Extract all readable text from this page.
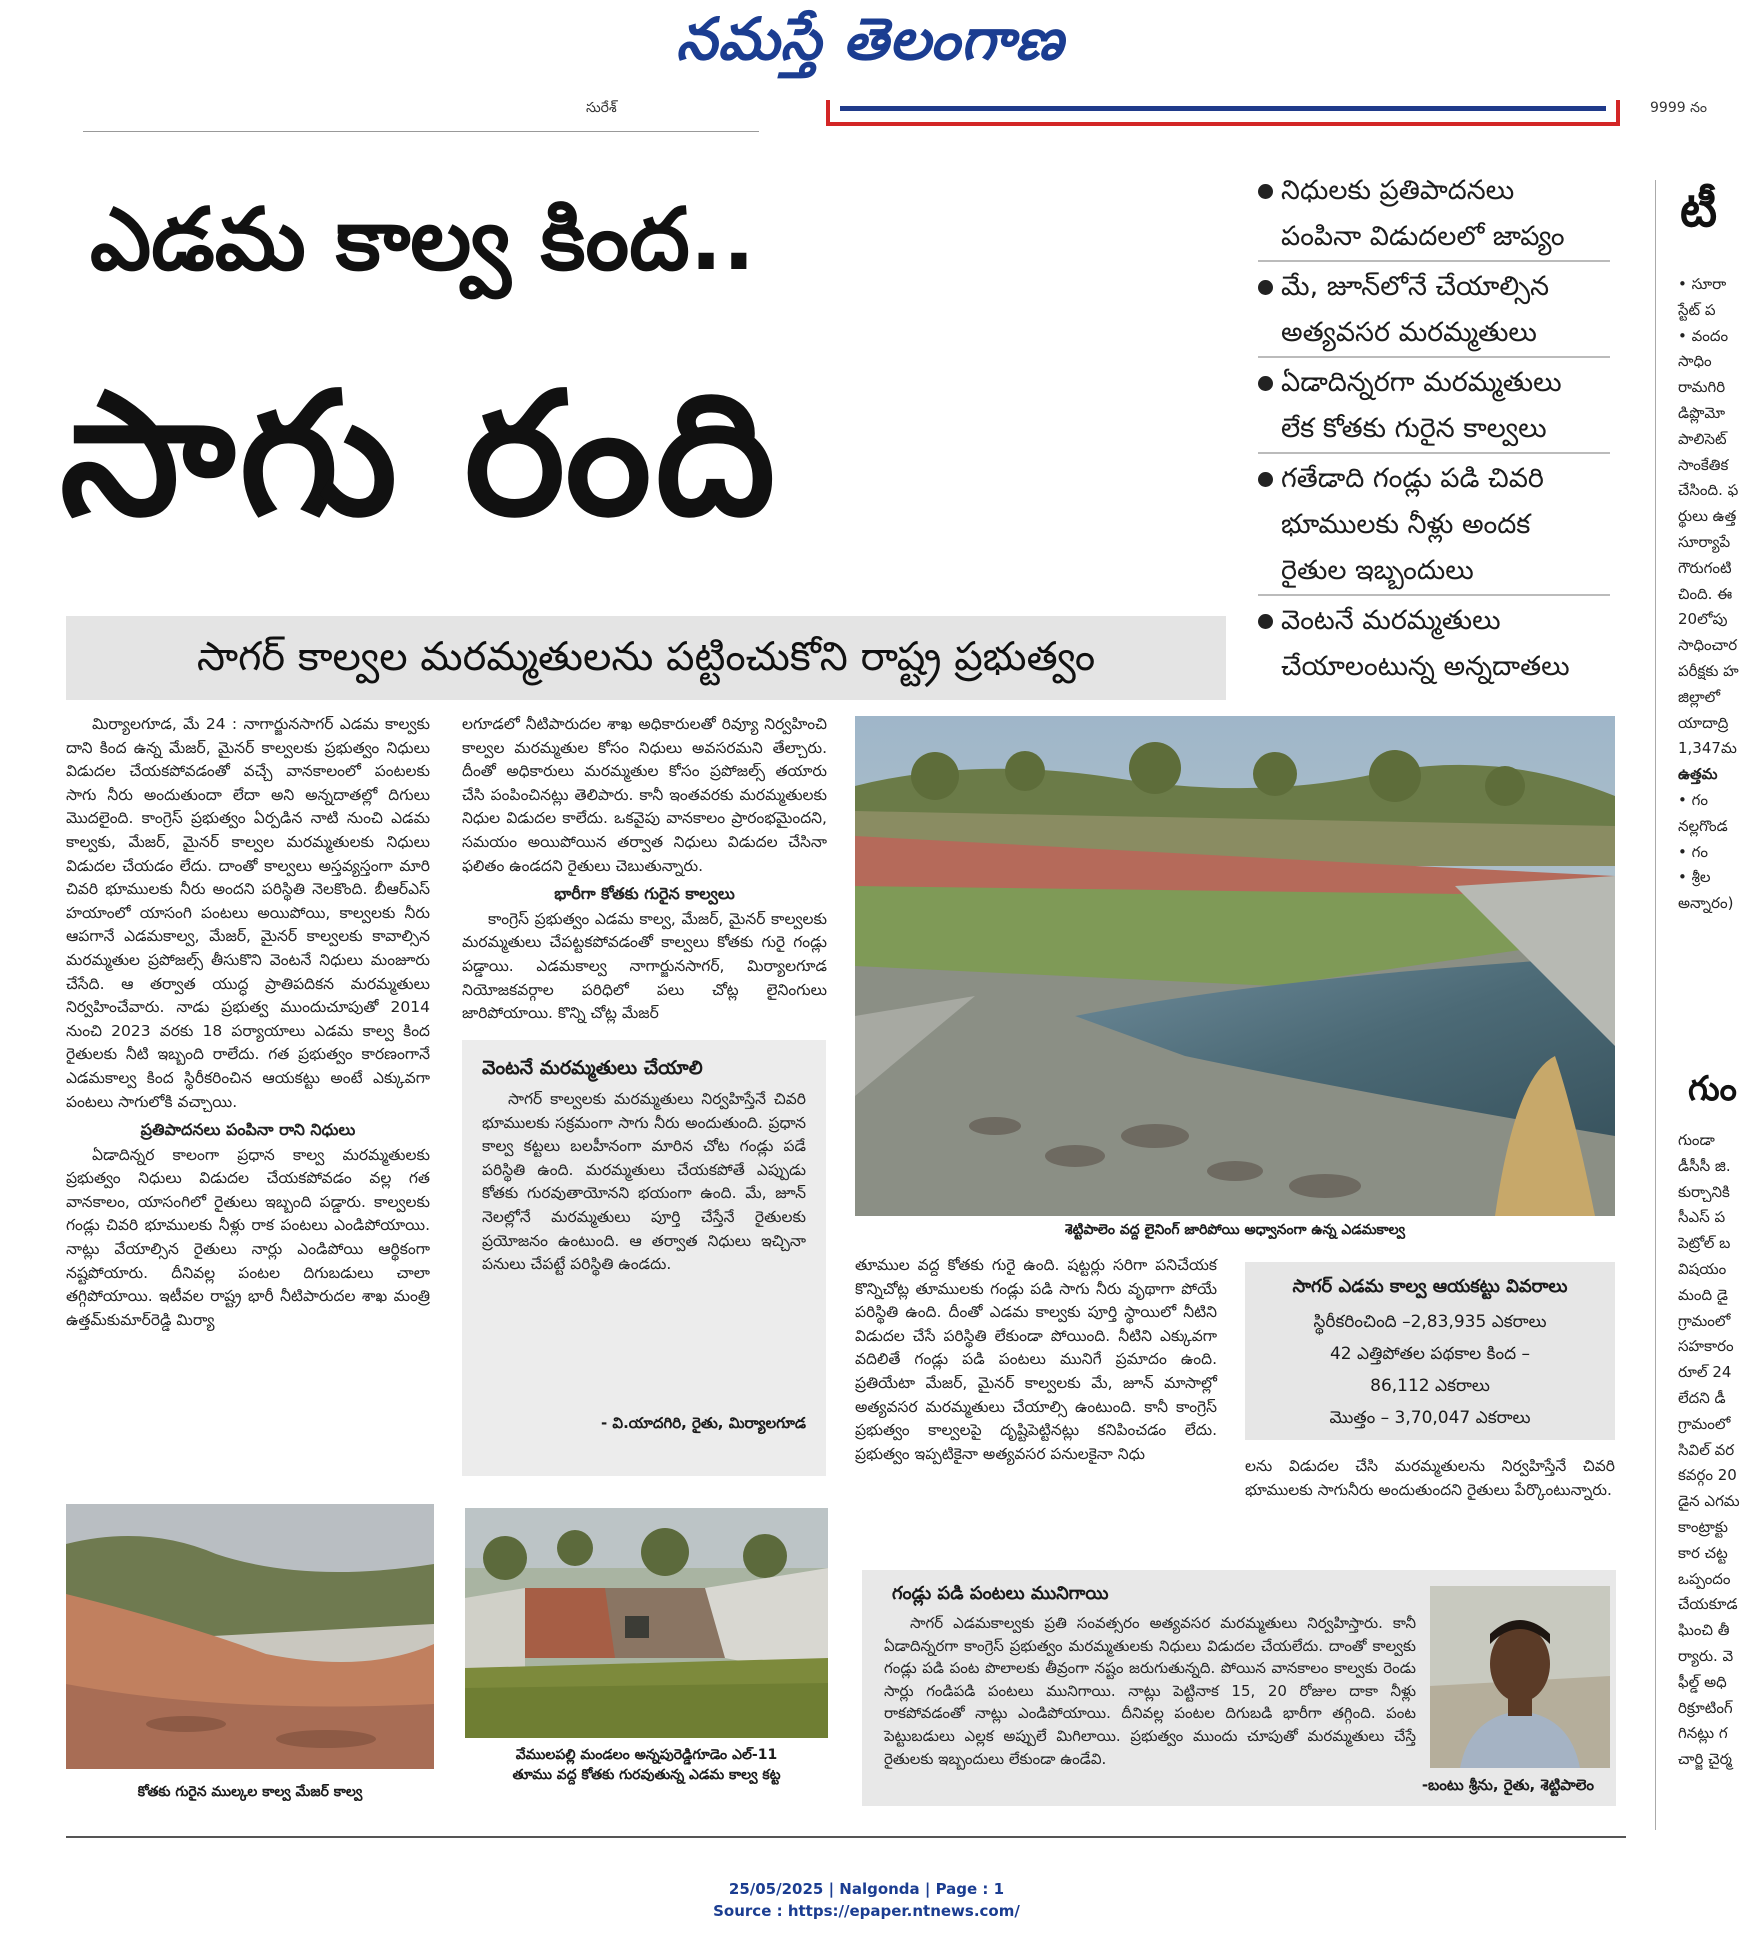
నమస్తే తెలంగాణ
సురేశ్	9999 నం
ఎడమ కాల్వ కింద..
సాగు రంది
సాగర్ కాల్వల మరమ్మతులను పట్టించుకోని రాష్ట్ర ప్రభుత్వం
నిధులకు ప్రతిపాదనలు
పంపినా విడుదలలో జాప్యం
మే, జూన్‌లోనే చేయాల్సిన
అత్యవసర మరమ్మతులు
ఏడాదిన్నరగా మరమ్మతులు
లేక కోతకు గురైన కాల్వలు
గతేడాది గండ్లు పడి చివరి
భూములకు నీళ్లు అందక
రైతుల ఇబ్బందులు
వెంటనే మరమ్మతులు
చేయాలంటున్న అన్నదాతలు

మిర్యాలగూడ, మే 24 : నాగార్జునసాగర్ ఎడమ కాల్వకు దాని కింద ఉన్న మేజర్, మైనర్ కాల్వలకు ప్రభుత్వం నిధులు విడుదల చేయకపోవడంతో వచ్చే వానకాలంలో పంటలకు సాగు నీరు అందుతుందా లేదా అని అన్నదాతల్లో దిగులు మొదలైంది. కాంగ్రెస్ ప్రభుత్వం ఏర్పడిన నాటి నుంచి ఎడమ కాల్వకు, మేజర్, మైనర్ కాల్వల మరమ్మతులకు నిధులు విడుదల చేయడం లేదు. దాంతో కాల్వలు అస్తవ్యస్తంగా మారి చివరి భూములకు నీరు అందని పరిస్థితి నెలకొంది. బీఆర్‌ఎస్ హయాంలో యాసంగి పంటలు అయిపోయి, కాల్వలకు నీరు ఆపగానే ఎడమకాల్వ, మేజర్, మైనర్ కాల్వలకు కావాల్సిన మరమ్మతుల ప్రపోజల్స్ తీసుకొని వెంటనే నిధులు మంజూరు చేసేది. ఆ తర్వాత యుద్ధ ప్రాతిపదికన మరమ్మతులు నిర్వహించేవారు. నాడు ప్రభుత్వ ముందుచూపుతో 2014 నుంచి 2023 వరకు 18 పర్యాయాలు ఎడమ కాల్వ కింద రైతులకు నీటి ఇబ్బంది రాలేదు. గత ప్రభుత్వం కారణంగానే ఎడమకాల్వ కింద స్థిరీకరించిన ఆయకట్టు అంటే ఎక్కువగా పంటలు సాగులోకి వచ్చాయి.

ప్రతిపాదనలు పంపినా రాని నిధులు

ఏడాదిన్నర కాలంగా ప్రధాన కాల్వ మరమ్మతులకు ప్రభుత్వం నిధులు విడుదల చేయకపోవడం వల్ల గత వానకాలం, యాసంగిలో రైతులు ఇబ్బంది పడ్డారు. కాల్వలకు గండ్లు చివరి భూములకు నీళ్లు రాక పంటలు ఎండిపోయాయి. నాట్లు వేయాల్సిన రైతులు నార్లు ఎండిపోయి ఆర్థికంగా నష్టపోయారు. దీనివల్ల పంటల దిగుబడులు చాలా తగ్గిపోయాయి. ఇటీవల రాష్ట్ర భారీ నీటిపారుదల శాఖ మంత్రి ఉత్తమ్‌కుమార్‌రెడ్డి మిర్యా

లగూడలో నీటిపారుదల శాఖ అధికారులతో రివ్యూ నిర్వహించి కాల్వల మరమ్మతుల కోసం నిధులు అవసరమని తేల్చారు. దీంతో అధికారులు మరమ్మతుల కోసం ప్రపోజల్స్ తయారు చేసి పంపించినట్లు తెలిపారు. కానీ ఇంతవరకు మరమ్మతులకు నిధుల విడుదల కాలేదు. ఒకవైపు వానకాలం ప్రారంభమైందని, సమయం అయిపోయిన తర్వాత నిధులు విడుదల చేసినా ఫలితం ఉండదని రైతులు చెబుతున్నారు.

భారీగా కోతకు గురైన కాల్వలు

కాంగ్రెస్ ప్రభుత్వం ఎడమ కాల్వ, మేజర్, మైనర్ కాల్వలకు మరమ్మతులు చేపట్టకపోవడంతో కాల్వలు కోతకు గురై గండ్లు పడ్డాయి. ఎడమకాల్వ నాగార్జునసాగర్, మిర్యాలగూడ నియోజకవర్గాల పరిధిలో పలు చోట్ల లైనింగులు జారిపోయాయి. కొన్ని చోట్ల మేజర్

వెంటనే మరమ్మతులు చేయాలి
సాగర్ కాల్వలకు మరమ్మతులు నిర్వహిస్తేనే చివరి భూములకు సక్రమంగా సాగు నీరు అందుతుంది. ప్రధాన కాల్వ కట్టలు బలహీనంగా మారిన చోట గండ్లు పడే పరిస్థితి ఉంది. మరమ్మతులు చేయకపోతే ఎప్పుడు కోతకు గురవుతాయోనని భయంగా ఉంది. మే, జూన్ నెలల్లోనే మరమ్మతులు పూర్తి చేస్తేనే రైతులకు ప్రయోజనం ఉంటుంది. ఆ తర్వాత నిధులు ఇచ్చినా పనులు చేపట్టే పరిస్థితి ఉండదు.
- వి.యాదగిరి, రైతు, మిర్యాలగూడ
శెట్టిపాలెం వద్ద లైనింగ్ జారిపోయి అధ్వానంగా ఉన్న ఎడమకాల్వ

తూముల వద్ద కోతకు గురై ఉంది. షట్టర్లు సరిగా పనిచేయక కొన్నిచోట్ల తూములకు గండ్లు పడి సాగు నీరు వృథాగా పోయే పరిస్థితి ఉంది. దీంతో ఎడమ కాల్వకు పూర్తి స్థాయిలో నీటిని విడుదల చేసే పరిస్థితి లేకుండా పోయింది. నీటిని ఎక్కువగా వదిలితే గండ్లు పడి పంటలు మునిగే ప్రమాదం ఉంది. ప్రతియేటా మేజర్, మైనర్ కాల్వలకు మే, జూన్ మాసాల్లో అత్యవసర మరమ్మతులు చేయాల్సి ఉంటుంది. కానీ కాంగ్రెస్ ప్రభుత్వం కాల్వలపై దృష్టిపెట్టినట్లు కనిపించడం లేదు. ప్రభుత్వం ఇప్పటికైనా అత్యవసర పనులకైనా నిధు

సాగర్ ఎడమ కాల్వ ఆయకట్టు వివరాలు
స్థిరీకరించింది –2,83,935 ఎకరాలు
42 ఎత్తిపోతల పథకాల కింద –
86,112 ఎకరాలు
మొత్తం – 3,70,047 ఎకరాలు

లను విడుదల చేసి మరమ్మతులను నిర్వహిస్తేనే చివరి భూములకు సాగునీరు అందుతుందని రైతులు పేర్కొంటున్నారు.

కోతకు గురైన ముల్కల కాల్వ మేజర్ కాల్వ
వేములపల్లి మండలం అన్నపురెడ్డిగూడెం ఎల్-11
తూము వద్ద కోతకు గురవుతున్న ఎడమ కాల్వ కట్ట
గండ్లు పడి పంటలు మునిగాయి
సాగర్ ఎడమకాల్వకు ప్రతి సంవత్సరం అత్యవసర మరమ్మతులు నిర్వహిస్తారు. కానీ ఏడాదిన్నరగా కాంగ్రెస్ ప్రభుత్వం మరమ్మతులకు నిధులు విడుదల చేయలేదు. దాంతో కాల్వకు గండ్లు పడి పంట పొలాలకు తీవ్రంగా నష్టం జరుగుతున్నది. పోయిన వానకాలం కాల్వకు రెండు సార్లు గండిపడి పంటలు మునిగాయి. నాట్లు పెట్టినాక 15, 20 రోజుల దాకా నీళ్లు రాకపోవడంతో నాట్లు ఎండిపోయాయి. దీనివల్ల పంటల దిగుబడి భారీగా తగ్గింది. పంట పెట్టుబడులు ఎల్లక అప్పులే మిగిలాయి. ప్రభుత్వం ముందు చూపుతో మరమ్మతులు చేస్తే రైతులకు ఇబ్బందులు లేకుండా ఉండేవి.
-బంటు శ్రీను, రైతు, శెట్టిపాలెం
టీ
• సూరా
స్టేట్ ప
• వందం
సాధిం
రామగిరి
డిప్లొమో
పాలిసెట్
సాంకేతిక
చేసింది. ఫ
ర్థులు ఉత్త
సూర్యాపే
గౌరుగంటి
చింది. ఈ
20లోపు
సాధించార
పరీక్షకు హ
జిల్లాలో
యాదాద్రి
1,347మ
ఉత్తమ
• గం
నల్లగొండ
• గం
• శ్రీల
అన్నారం)
గుం
గుండా
డీసీసీ జి.
కుర్చానికి
సీఎస్ ప
పెట్రోల్ బ
విషయం
మంది డై
గ్రామంలో
సహకారం
రూల్ 24
లేదని డీ
గ్రామంలో
సివిల్ వర
కవర్గం 20
డైన ఎగమ
కాంట్రాక్టు
కార చట్ట
ఒప్పందం
చేయకూడ
ఘించి తీ
ర్యారు. వె
ఫీల్డ్ అధి
రిక్రూటింగ్
గినట్లు గ
చార్జి చైర్మ
25/05/2025 | Nalgonda | Page : 1
Source : https://epaper.ntnews.com/
